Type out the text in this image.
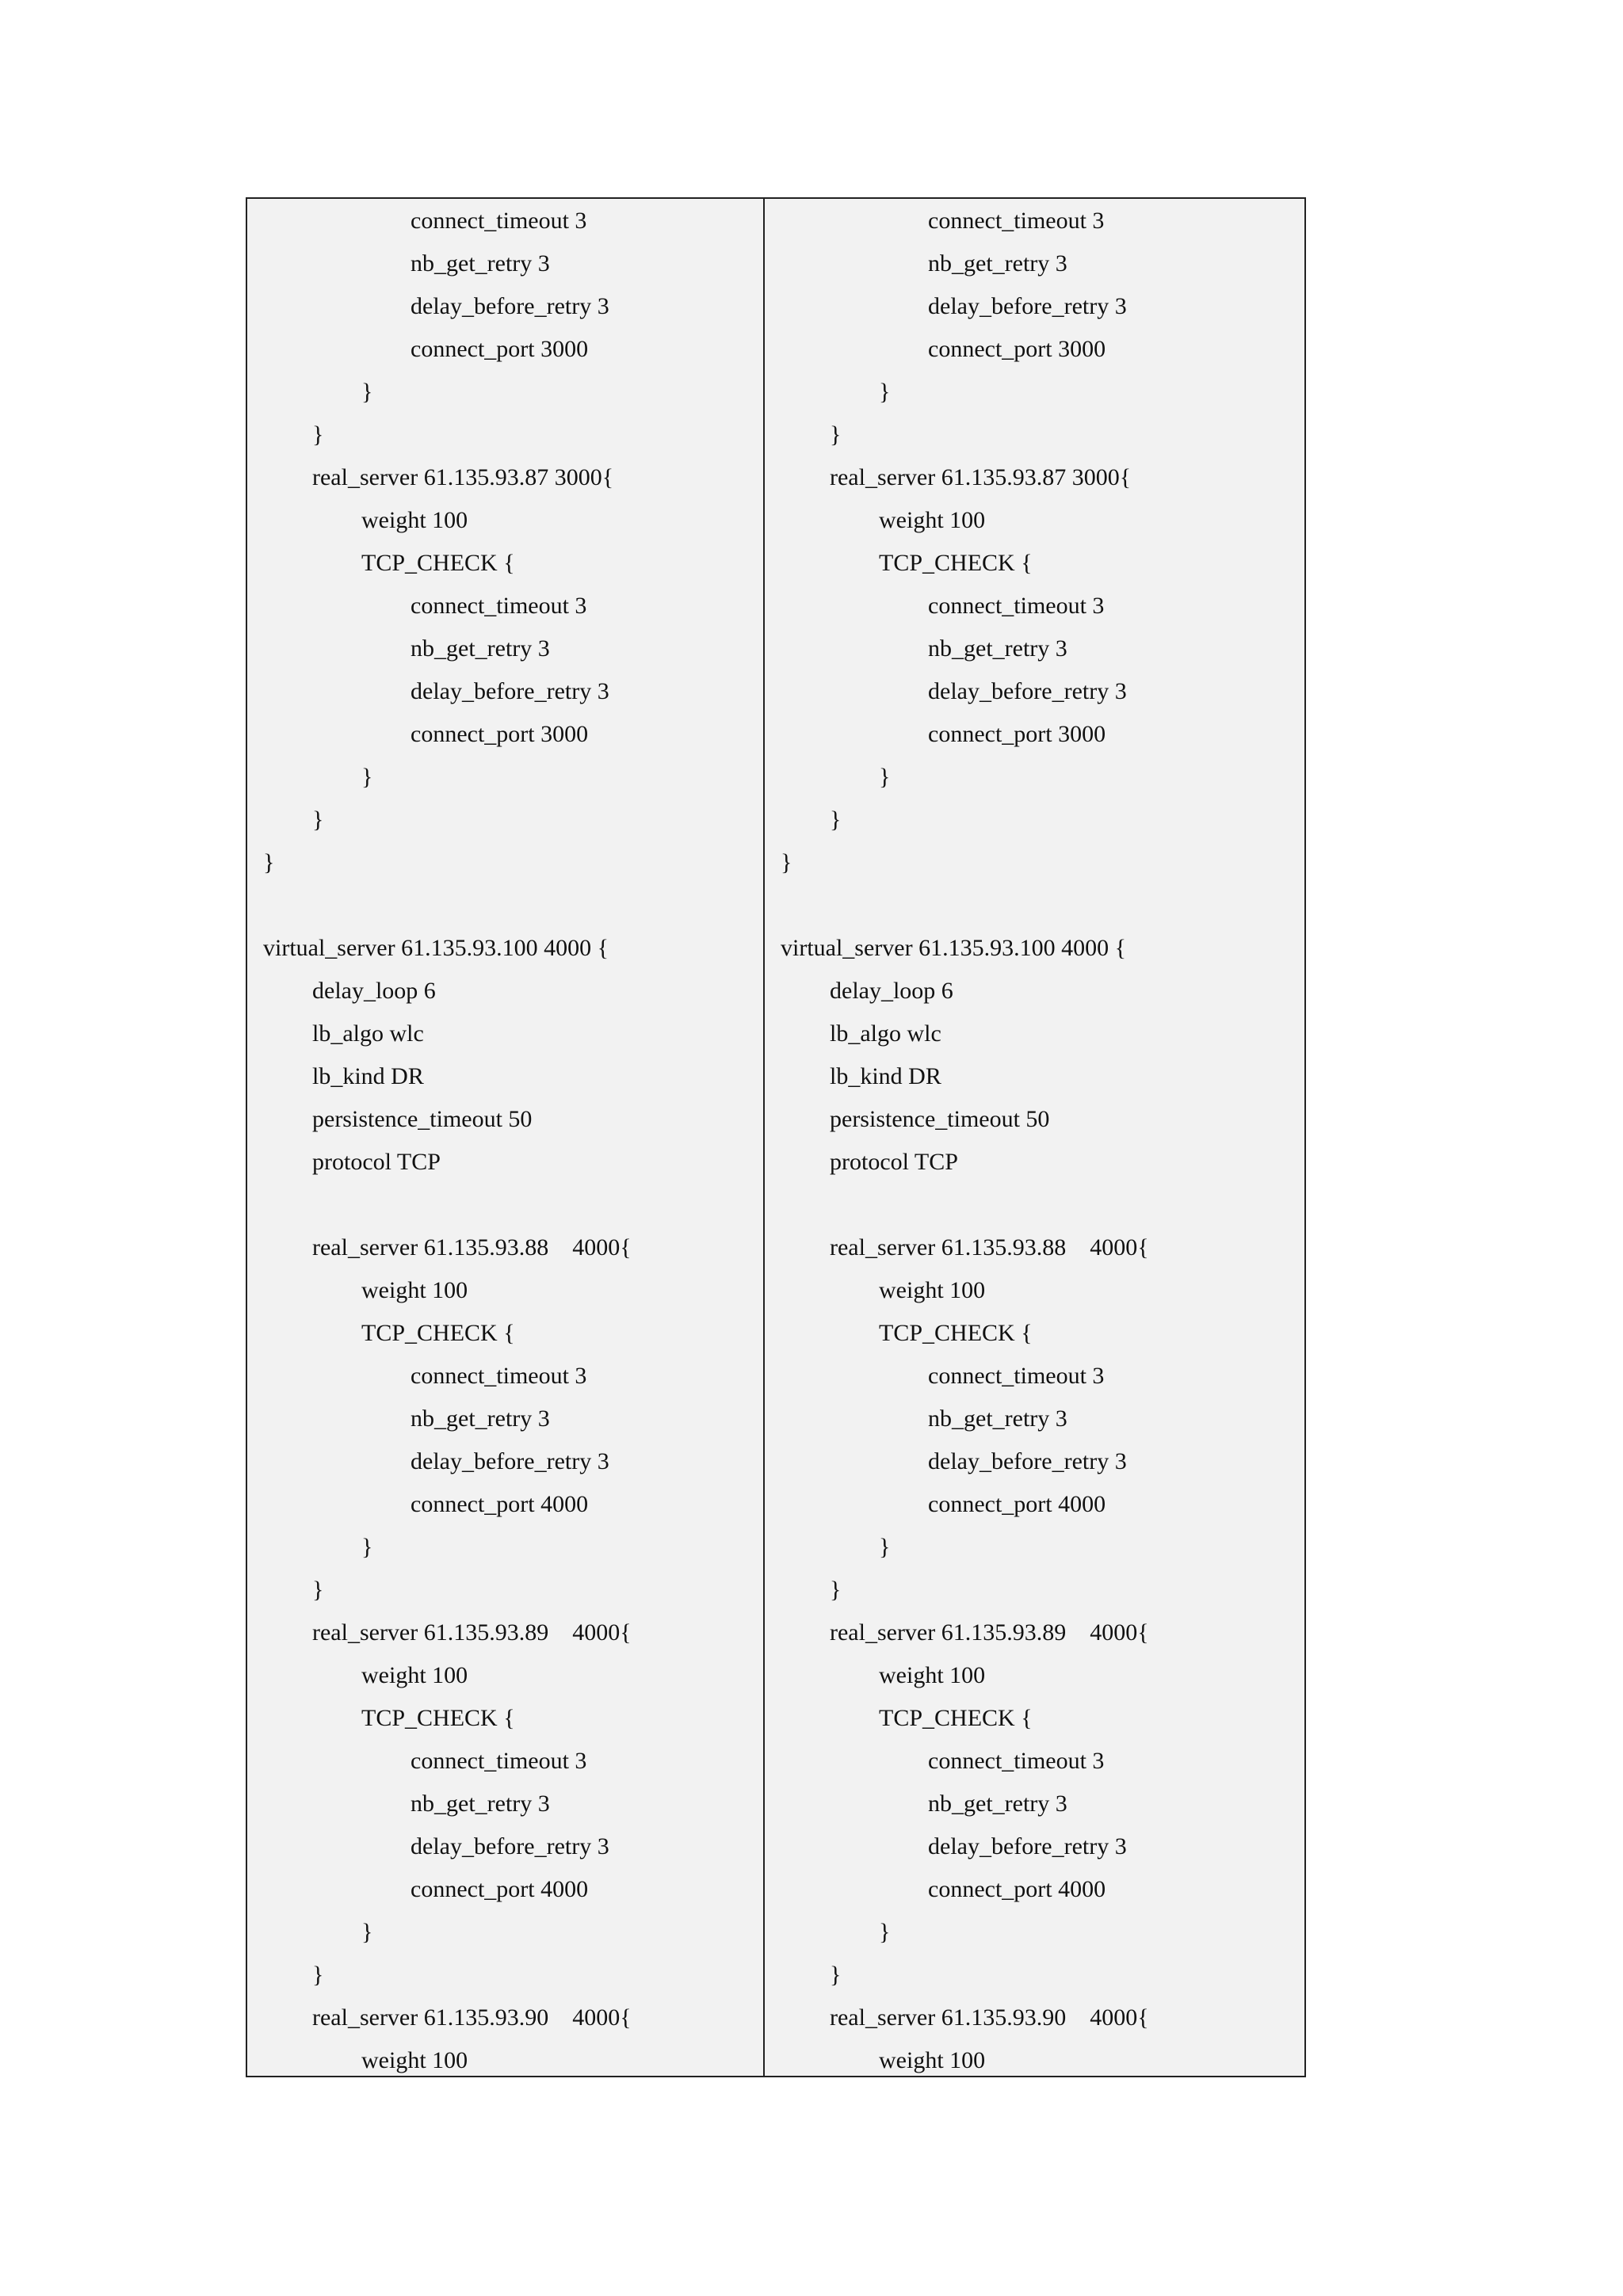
connect_timeout 3
nb_get_retry 3
delay_before_retry 3
connect_port 3000
}
}
real_server 61.135.93.87 3000{
weight 100
TCP_CHECK {
connect_timeout 3
nb_get_retry 3
delay_before_retry 3
connect_port 3000
}
}
}
virtual_server 61.135.93.100 4000 {
delay_loop 6
lb_algo wlc
lb_kind DR
persistence_timeout 50
protocol TCP
real_server 61.135.93.88    4000{
weight 100
TCP_CHECK {
connect_timeout 3
nb_get_retry 3
delay_before_retry 3
connect_port 4000
}
}
real_server 61.135.93.89    4000{
weight 100
TCP_CHECK {
connect_timeout 3
nb_get_retry 3
delay_before_retry 3
connect_port 4000
}
}
real_server 61.135.93.90    4000{
weight 100
connect_timeout 3
nb_get_retry 3
delay_before_retry 3
connect_port 3000
}
}
real_server 61.135.93.87 3000{
weight 100
TCP_CHECK {
connect_timeout 3
nb_get_retry 3
delay_before_retry 3
connect_port 3000
}
}
}
virtual_server 61.135.93.100 4000 {
delay_loop 6
lb_algo wlc
lb_kind DR
persistence_timeout 50
protocol TCP
real_server 61.135.93.88    4000{
weight 100
TCP_CHECK {
connect_timeout 3
nb_get_retry 3
delay_before_retry 3
connect_port 4000
}
}
real_server 61.135.93.89    4000{
weight 100
TCP_CHECK {
connect_timeout 3
nb_get_retry 3
delay_before_retry 3
connect_port 4000
}
}
real_server 61.135.93.90    4000{
weight 100
